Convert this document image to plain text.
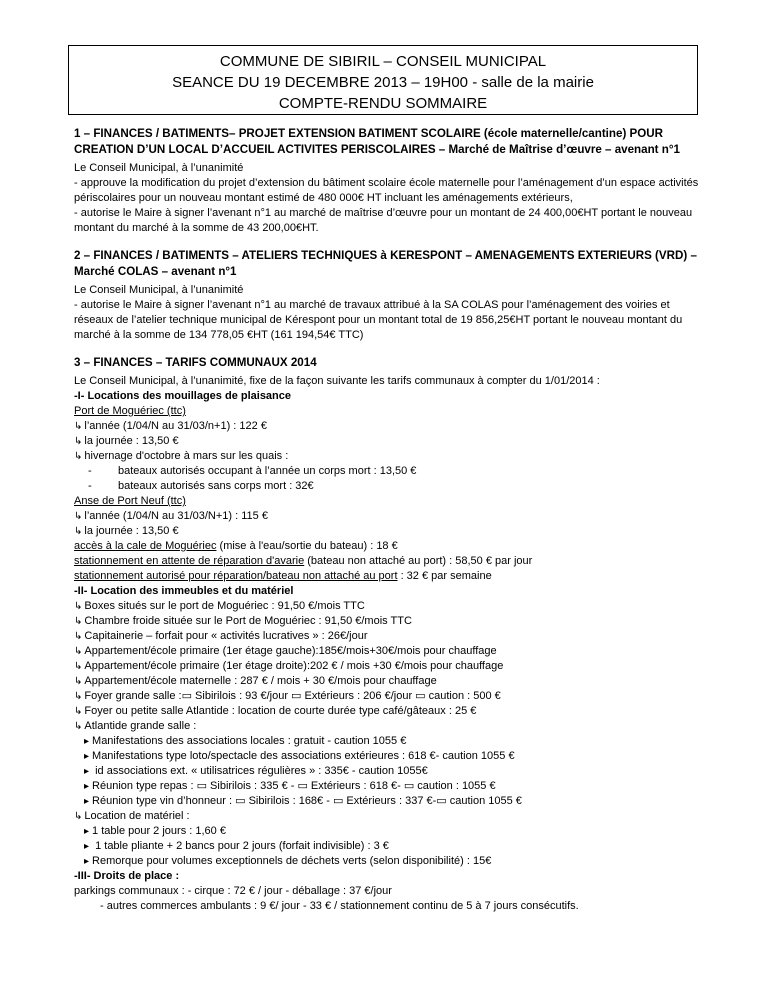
COMMUNE DE SIBIRIL – CONSEIL MUNICIPAL
SEANCE DU 19 DECEMBRE 2013 – 19H00 - salle de la mairie
COMPTE-RENDU SOMMAIRE
1 – FINANCES / BATIMENTS– PROJET EXTENSION BATIMENT SCOLAIRE (école maternelle/cantine) POUR CREATION D’UN LOCAL D’ACCUEIL ACTIVITES PERISCOLAIRES – Marché de Maîtrise d’œuvre – avenant n°1
Le Conseil Municipal, à l’unanimité
- approuve la modification du projet d’extension du bâtiment scolaire école maternelle pour l’aménagement d’un espace activités périscolaires pour un nouveau montant estimé de 480 000€ HT incluant les aménagements extérieurs,
- autorise le Maire à signer l’avenant n°1 au marché de maîtrise d’œuvre pour un montant de 24 400,00€HT portant le nouveau montant du marché à la somme de 43 200,00€HT.
2 – FINANCES / BATIMENTS – ATELIERS TECHNIQUES à KERESPONT – AMENAGEMENTS EXTERIEURS (VRD) – Marché COLAS – avenant n°1
Le Conseil Municipal, à l’unanimité
- autorise le Maire à signer l’avenant n°1 au marché de travaux attribué à la SA COLAS pour l’aménagement des voiries et réseaux de l’atelier technique municipal de Kérespont pour un montant total de 19 856,25€HT portant le nouveau montant du marché à la somme de 134 778,05 €HT (161 194,54€ TTC)
3 – FINANCES – TARIFS COMMUNAUX 2014
Le Conseil Municipal, à l’unanimité, fixe de la façon suivante les tarifs communaux à compter du 1/01/2014 :
-I- Locations des mouillages de plaisance
Port de Moguériec (ttc)
↳ l’année (1/04/N au 31/03/n+1) : 122 €
↳ la journée : 13,50 €
↳ hivernage d'octobre à mars sur les quais :
- bateaux autorisés occupant à l’année un corps mort : 13,50 €
- bateaux autorisés sans corps mort : 32€
Anse de Port Neuf (ttc)
↳ l’année (1/04/N au 31/03/N+1) : 115 €
↳ la journée : 13,50 €
accès à la cale de Moguériec (mise à l'eau/sortie du bateau) : 18 €
stationnement en attente de réparation d'avarie (bateau non attaché au port) : 58,50 € par jour
stationnement autorisé pour réparation/bateau non attaché au port : 32 € par semaine
-II- Location des immeubles et du matériel
↳ Boxes situés sur le port de Moguériec : 91,50 €/mois TTC
↳ Chambre froide située sur le Port de Moguériec : 91,50 €/mois TTC
↳ Capitainerie – forfait pour « activités lucratives » : 26€/jour
↳ Appartement/école primaire (1er étage gauche):185€/mois+30€/mois pour chauffage
↳ Appartement/école primaire (1er étage droite):202 € / mois +30 €/mois pour chauffage
↳ Appartement/école maternelle : 287 € / mois + 30 €/mois pour chauffage
↳ Foyer grande salle :▭ Sibirilois : 93 €/jour ▭ Extérieurs : 206 €/jour ▭ caution : 500 €
↳ Foyer ou petite salle Atlantide : location de courte durée type café/gâteaux : 25 €
↳ Atlantide grande salle :
▸ Manifestations des associations locales : gratuit - caution 1055 €
▸ Manifestations type loto/spectacle des associations extérieures : 618 €- caution 1055 €
▸ id associations ext. « utilisatrices régulières » : 335€ - caution 1055€
▸ Réunion type repas : ▭ Sibirilois : 335 € - ▭ Extérieurs : 618 €- ▭ caution : 1055 €
▸ Réunion type vin d’honneur : ▭ Sibirilois : 168€ - ▭ Extérieurs : 337 €-▭ caution 1055 €
↳ Location de matériel :
▸ 1 table pour 2 jours : 1,60 €
▸ 1 table pliante + 2 bancs pour 2 jours (forfait indivisible) : 3 €
▸ Remorque pour volumes exceptionnels de déchets verts (selon disponibilité) : 15€
-III- Droits de place :
parkings communaux : - cirque : 72 € / jour - déballage : 37 €/jour
- autres commerces ambulants : 9 €/ jour - 33 € / stationnement continu de 5 à 7 jours consécutifs.
